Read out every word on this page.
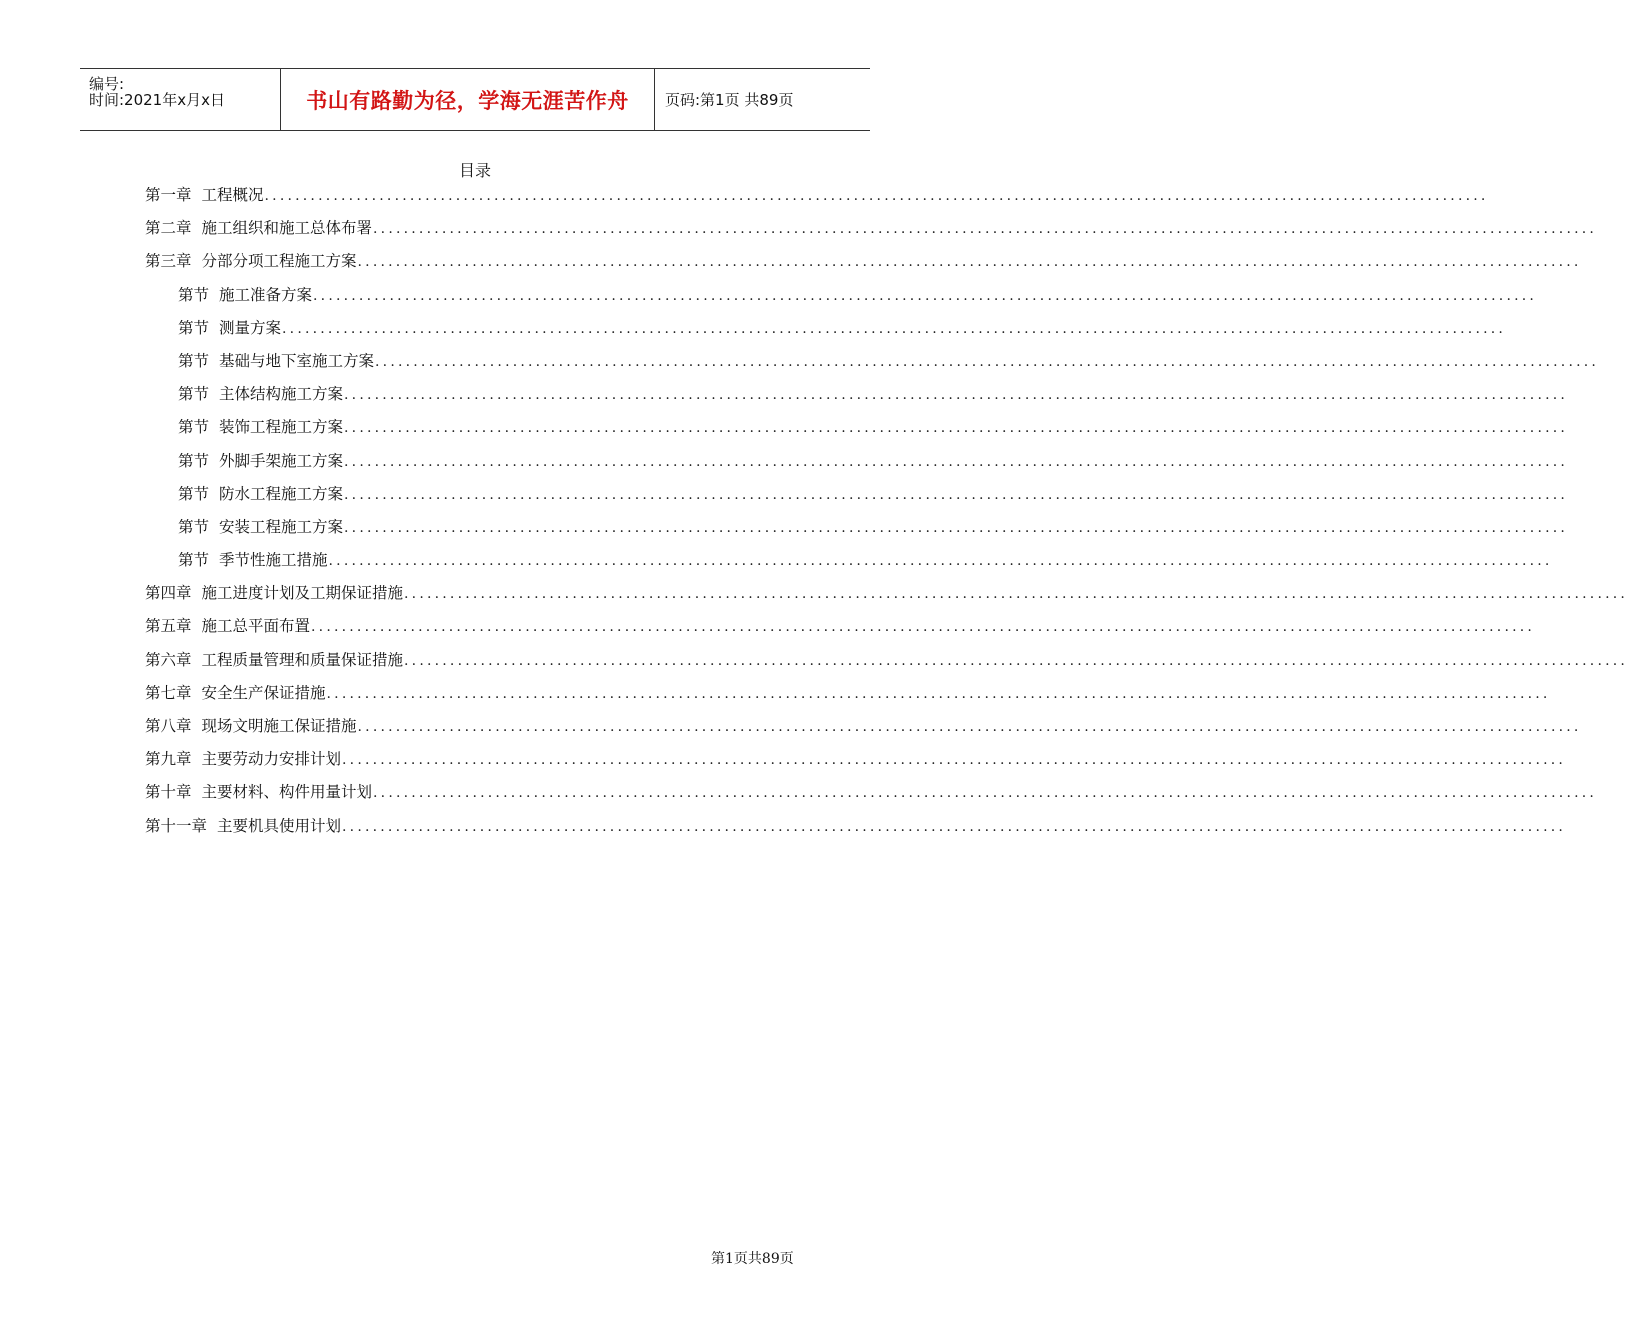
编号:
时间:2021年x月x日	书山有路勤为径，学海无涯苦作舟 页码:第1页 共89页
目录
第一章 工程概况 ................................................................................................................................................................
第二章 施工组织和施工总体布署 ................................................................................................................................................................
第三章 分部分项工程施工方案 ................................................................................................................................................................
第节 施工准备方案 ................................................................................................................................................................
第节 测量方案 ................................................................................................................................................................
第节 基础与地下室施工方案 ................................................................................................................................................................
第节 主体结构施工方案 ................................................................................................................................................................
第节 装饰工程施工方案 ................................................................................................................................................................
第节 外脚手架施工方案 ................................................................................................................................................................
第节 防水工程施工方案 ................................................................................................................................................................
第节 安装工程施工方案 ................................................................................................................................................................
第节 季节性施工措施 ................................................................................................................................................................
第四章 施工进度计划及工期保证措施 ................................................................................................................................................................
第五章 施工总平面布置 ................................................................................................................................................................
第六章 工程质量管理和质量保证措施 ................................................................................................................................................................
第七章 安全生产保证措施 ................................................................................................................................................................
第八章 现场文明施工保证措施 ................................................................................................................................................................
第九章 主要劳动力安排计划 ................................................................................................................................................................
第十章 主要材料、构件用量计划 ................................................................................................................................................................
第十一章 主要机具使用计划 ................................................................................................................................................................
第1页共89页
